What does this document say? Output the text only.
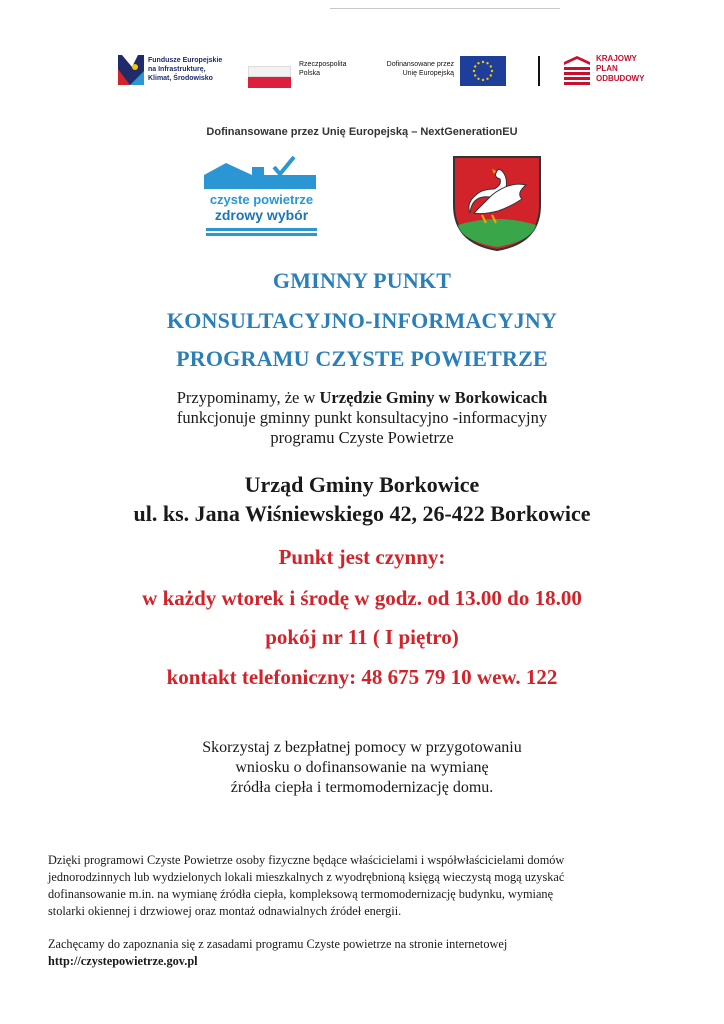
Fundusze Europejskie
na Infrastrukturę,
Klimat, Środowisko
Rzeczpospolita
Polska
Dofinansowane przez
Unię Europejską
KRAJOWY
PLAN
ODBUDOWY
Dofinansowane przez Unię Europejską – NextGenerationEU
czyste powietrze
zdrowy wybór
GMINNY PUNKT
KONSULTACYJNO-INFORMACYJNY
PROGRAMU CZYSTE POWIETRZE
Przypominamy, że w Urzędzie Gminy w Borkowicach
funkcjonuje gminny punkt konsultacyjno -informacyjny
programu Czyste Powietrze
Urząd Gminy Borkowice
ul. ks. Jana Wiśniewskiego 42, 26-422 Borkowice
Punkt jest czynny:
w każdy wtorek i środę w godz. od 13.00 do 18.00
pokój nr 11 ( I piętro)
kontakt telefoniczny: 48 675 79 10 wew. 122
Skorzystaj z bezpłatnej pomocy w przygotowaniu
wniosku o dofinansowanie na wymianę
źródła ciepła i termomodernizację domu.

Dzięki programowi Czyste Powietrze osoby fizyczne będące właścicielami i współwłaścicielami domów

jednorodzinnych lub wydzielonych lokali mieszkalnych z wyodrębnioną księgą wieczystą mogą uzyskać

dofinansowanie m.in. na wymianę źródła ciepła, kompleksową termomodernizację budynku, wymianę

stolarki okiennej i drzwiowej oraz montaż odnawialnych źródeł energii.

Zachęcamy do zapoznania się z zasadami programu Czyste powietrze na stronie internetowej

http://czystepowietrze.gov.pl
